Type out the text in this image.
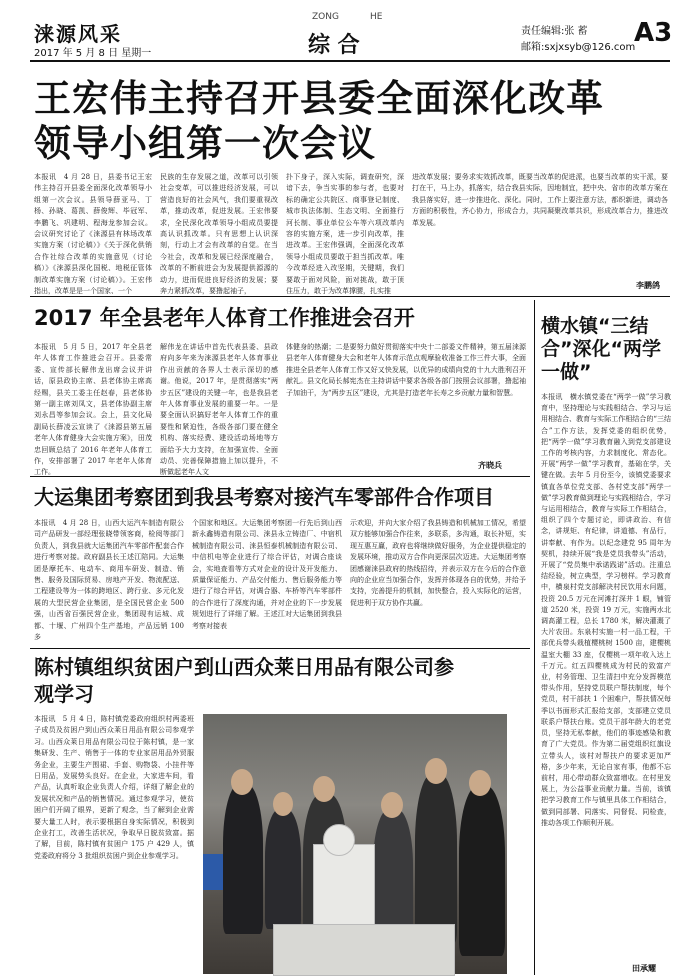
涞源风采
2017 年 5 月 8 日 星期一
ZONG	HE
综 合
责任编辑:张 蓄
邮箱:sxjxsyb@126.com
A3
王宏伟主持召开县委全面深化改革
领导小组第一次会议
本报讯　4 月 28 日，县委书记王宏伟主持召开县委全面深化改革领导小组第一次会议。县领导薛亚马、丁杨、孙晓、葛凯、薛俊辉、毕冠军、李鹏飞、巩建明、程海龙参加会议。会议研究讨论了《涞源县有林场改革实施方案（讨论稿）》《关于深化供销合作社综合改革的实施意见（讨论稿）》《涞源县深化国税、地税征管体制改革实施方案（讨论稿）》。王宏伟指出，改革是是一个国家、一个
民族的生存发展之道，改革可以引领社会变革，可以推进经济发展，可以营造良好的社会风气，我们要重视改革，推动改革，促进发展。王宏伟要求，全民深化改革领导小组成员要提高认识抓改革。只有思想上认识深刻，行动上才会有改革的自觉。在当今社会，改革和发展已经深度融合，改革的不断前进会为发展提供源源的动力，进而促进良好经济的发展；要奔力紧抓改革，要撸起袖子，
扑下身子，深入实际，调查研究，深谙下去，争当实事的参与者，也要对标的确定公共院区、商事登记制度、城市执法体制、生态文明、全面推行河长制、事业单位公车等六项改革内容的实施方案，进一步引向改革，推进改革。王宏伟强调，全面深化改革领导小组成员要敢于担当抓改革。唯今改革经进入改坚期，关键期，我们要敢于面对风险，面对挑战，敢于顶住压力，敢于为改革撑腰，扎实推
进改革发展；要务求实效抓改革，既要当改革的促进派，也要当改革的实干派，要打在干，马上办，抓落实，结合我县实际，因地制宜，把中央、省市的改革方案在我县落实好，进一步推进化、深化。同时，工作上要注意方法，都织新进，调动各方面的积极性，齐心协力，形成合力，共同凝聚改革共识，形成改革合力，推进改革发展。
李鹏鸽
2017 年全县老年人体育工作推进会召开
本报讯　5 月 5 日，2017 年全县老年人体育工作推进会召开。县委常委、宣传部长解伟龙出席会议并讲话，原县政协主席、县老体协主席高经赐，县关工委主任赵春，县老体协第一副主席刘凤文，县老体协副主席刘永昌等参加会议。会上，县文化局副局长薛凌云宣读了《涞源县第五届老年人体育健身大会实施方案》，田茂忠回顾总结了 2016 年老年人体育工作，安排部署了 2017 年老年人体育工作。
解伟龙在讲话中首先代表县委、县政府向多年来为涞源县老年人体育事业作出贡献的各界人士表示深切的感谢。他说，2017 年，是贯彻落实“两步五区”建设的关键一年，也是我县老年人体育事业发展的重要一年。一是要全面认识搞好老年人体育工作的重要性和紧迫性，各级各部门要在健全机构、落实经费、建设活动场地等方面给予大力支持，在加强宣传、全面动员、完善保障措施上加以提升，不断做起老年人文
体健身的热潮；二是要努力做好贯彻落实中央十二部委文件精神，第五届涞源县老年人体育健身大会和老年人体育示范点观摩验收准备工作三件大事，全面推进全县老年人体育工作又好又快发展，以优异的成绩向党的十九大胜利召开献礼。县文化局长郝宪杰在主持讲话中要求各级各部门按照会议部署，撸起袖子加油干，为“两步五区”建设，尤其是打造老年长寿之乡贡献力量和智慧。
齐晓兵
大运集团考察团到我县考察对接汽车零部件合作项目
本报讯　4 月 28 日，山西大运汽车制造有限公司产品研发一部经理张晓带领客商，检阅等部门负责人，到我县就大运集团汽车零部件配套合作进行考察对接。政府副县长王述江陪同。大运集团是摩托车、电动车、商用车研发、制造、销售、服务及国际贸易、房地产开发、物流配送、工程建设等为一体的跨地区、跨行业、多元化发展的大型民营企业集团，是全国民营企业 500 强，山西省百强民营企业，集团现有运城、成都、十堰、广州四个生产基地，产品远销 100 多
个国家和地区。大运集团考察团一行先后到山西新永鑫铸造有限公司、涞县永立铸造厂、中宿机械制造有限公司、涞县恒泰机械制造有限公司、中信机电等企业进行了综合评估，对调合座谈会，实地查看等方式对企业的设计及开发能力、质量保证能力、产品交付能力、售后服务能力等进行了综合评估，对调合器、车桥等汽车零部件的合作进行了深度沟通，并对企业的下一步发展规划进行了详细了解。王述江对大运集团到我县考察对接表
示欢迎，并向大家介绍了我县铸造和机械加工情况，希望双方能够加强合作往来，多联系，多沟通，取长补短，实现互惠互赢，政府也将继续做好服务，为企业提供稳定的发展环境，推动双方合作向更深层次迈进。大运集团考察团感谢涞县政府的热线招待，并表示双方在今后的合作意向的企业应当加强合作，发挥并体现各自的优势，并给予支持，完善提升的机制，加快整合，投入实际化的运营，促进利于双方协作共赢。
陈村镇组织贫困户到山西众莱日用品有限公司参
观学习
本报讯　5 月 4 日，陈村镇党委政府组织村两委班子成员及贫困户到山西众莱日用品有限公司参观学习。山西众莱日用品有限公司位于陈村镇，是一家集研发、生产、销售于一体的专业家居用品外贸服务企业，主要生产围裙、手套、购物袋、小挂件等日用品，发展势头良好。在企业，大家进车间，看产品，认真听取企业负责人介绍，详细了解企业的发展状况和产品的销售情况。通过参观学习，使贫困户们开阔了眼界，更新了观念，当了解到企业需要大量工人时，表示要根据自身实际情况，积极到企业打工，改善生活状况，争取早日脱贫致富。据了解，目前，陈村镇有贫困户 175 户 429 人，镇党委政府将分 3 批组织贫困户到企业参观学习。
横水镇“三结
合”深化“两学
一做”
本报讯　横水镇党委在“两学一做”学习教育中，坚持理论与实践相结合、学习与运用相结合、教育与实际工作相结合的“三结合”工作方法，发挥党委的组织优势，把“两学一做”学习教育融入到党支部建设工作的考核内容，力求制度化、常态化。开展“两学一做”学习教育，基础在学，关键在做。去年 5 月份至今，该镇党委要求镇直各单位党支部、各村党支部“两学一做”学习教育做到理论与实践相结合，学习与运用相结合，教育与实际工作相结合，组织了四个专题讨论，即讲政治、有信念，讲规矩、有纪律，讲道德、有品行，讲奉献、有作为。以纪念建党 95 周年为契机，持续开展“我是党员我带头”活动，开展了“党员集中承诺践诺”活动。注重总结经验，树立典型，学习榜样。学习教育中，横泉村党支部解决村民饮用水问题，投资 20.5 万元在河滩打深井 1 眼，铺管道 2520 米，投资 19 万元，实施两水北调高灌工程，总长 1780 米，解决灌溉了大片农田。东泉村实施一村一品工程，干部优兵带头栽植樱桃树 1500 亩，建樱桃温室大棚 33 座，仅樱桃一项年收入达上千万元。红五四樱桃成为村民的致富产业，村务管理、卫生清扫中充分发挥模范带头作用，坚持党员联户帮扶制度，每个党员，村干部扶 1 个困难户，帮扶情况每季以书面形式汇报给支部，支部建立党员联系户帮扶台账。党员干部年龄大的老党员，坚持无私奉献，他们的事迹感染和教育了广大党员。作为第二届党组织红旗设立带头人，该村对帮扶户的要求更加严格，多少年来，无论自家有事，他都不忘前村，用心带动群众致富增收。在村里发展上，为公益事业贡献力量。当前，该镇把学习教育工作与镇里具体工作相结合，做到同部署、同落实、同督促、同检查，推动各项工作顺利开展。
田承耀
